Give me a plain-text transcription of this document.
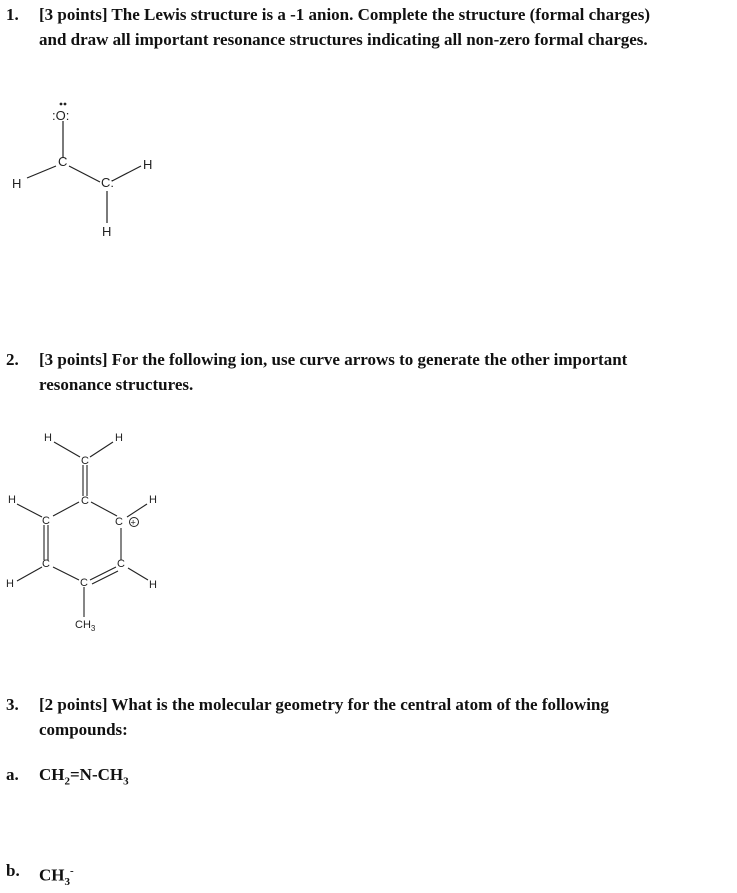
1. [3 points] The Lewis structure is a -1 anion. Complete the structure (formal charges)
and draw all important resonance structures indicating all non-zero formal charges.
:O:
C
C:
H
H
H
2. [3 points] For the following ion, use curve arrows to generate the other important
resonance structures.
H	H
C
C
H	H
C	C +
C	C
H	H
C
$CH_3$
3. [2 points] What is the molecular geometry for the central atom of the following
compounds:
a. $CH_2=N-CH_3$
b. $CH_3^-$
